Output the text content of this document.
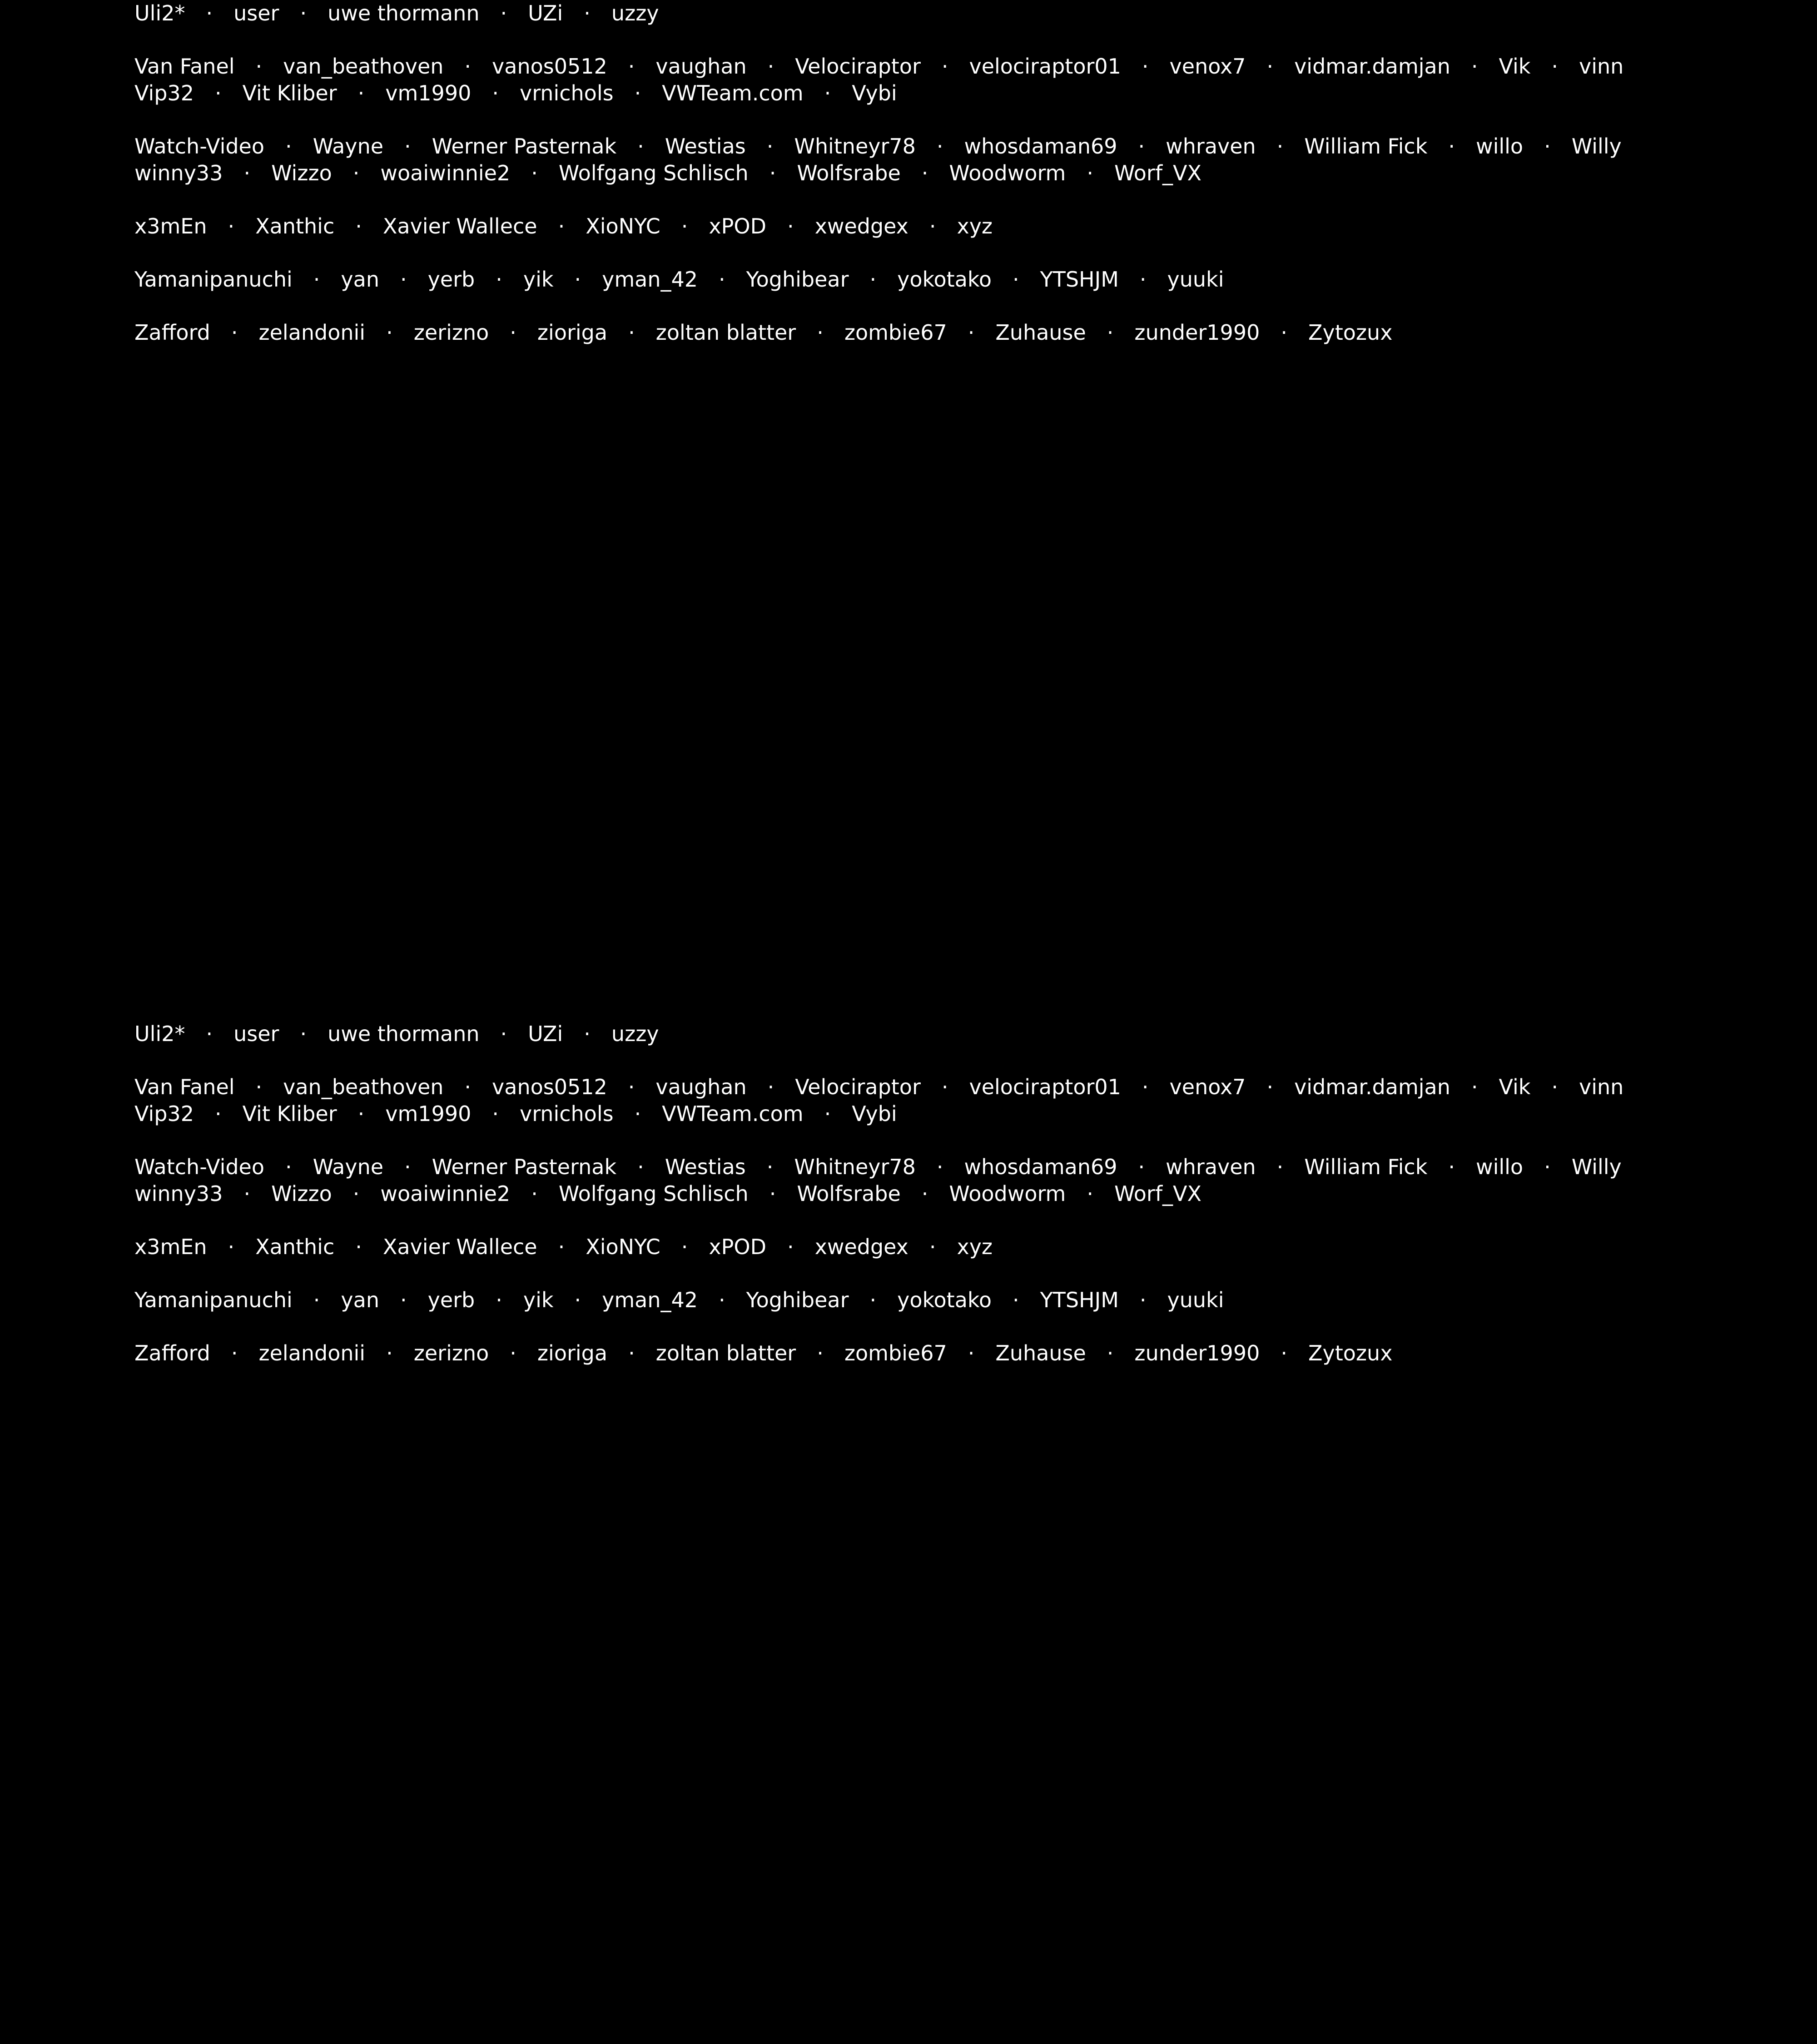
Uli2* · user · uwe thormann · UZi · uzzy
Van Fanel · van_beathoven · vanos0512 · vaughan · Velociraptor · velociraptor01 · venox7 · vidmar.damjan · Vik · vinn
Vip32 · Vit Kliber · vm1990 · vrnichols · VWTeam.com · Vybi
Watch-Video · Wayne · Werner Pasternak · Westias · Whitneyr78 · whosdaman69 · whraven · William Fick · willo · Willy
winny33 · Wizzo · woaiwinnie2 · Wolfgang Schlisch · Wolfsrabe · Woodworm · Worf_VX
x3mEn · Xanthic · Xavier Wallece · XioNYC · xPOD · xwedgex · xyz
Yamanipanuchi · yan · yerb · yik · yman_42 · Yoghibear · yokotako · YTSHJM · yuuki
Zafford · zelandonii · zerizno · zioriga · zoltan blatter · zombie67 · Zuhause · zunder1990 · Zytozux
Uli2* · user · uwe thormann · UZi · uzzy
Van Fanel · van_beathoven · vanos0512 · vaughan · Velociraptor · velociraptor01 · venox7 · vidmar.damjan · Vik · vinn
Vip32 · Vit Kliber · vm1990 · vrnichols · VWTeam.com · Vybi
Watch-Video · Wayne · Werner Pasternak · Westias · Whitneyr78 · whosdaman69 · whraven · William Fick · willo · Willy
winny33 · Wizzo · woaiwinnie2 · Wolfgang Schlisch · Wolfsrabe · Woodworm · Worf_VX
x3mEn · Xanthic · Xavier Wallece · XioNYC · xPOD · xwedgex · xyz
Yamanipanuchi · yan · yerb · yik · yman_42 · Yoghibear · yokotako · YTSHJM · yuuki
Zafford · zelandonii · zerizno · zioriga · zoltan blatter · zombie67 · Zuhause · zunder1990 · Zytozux
